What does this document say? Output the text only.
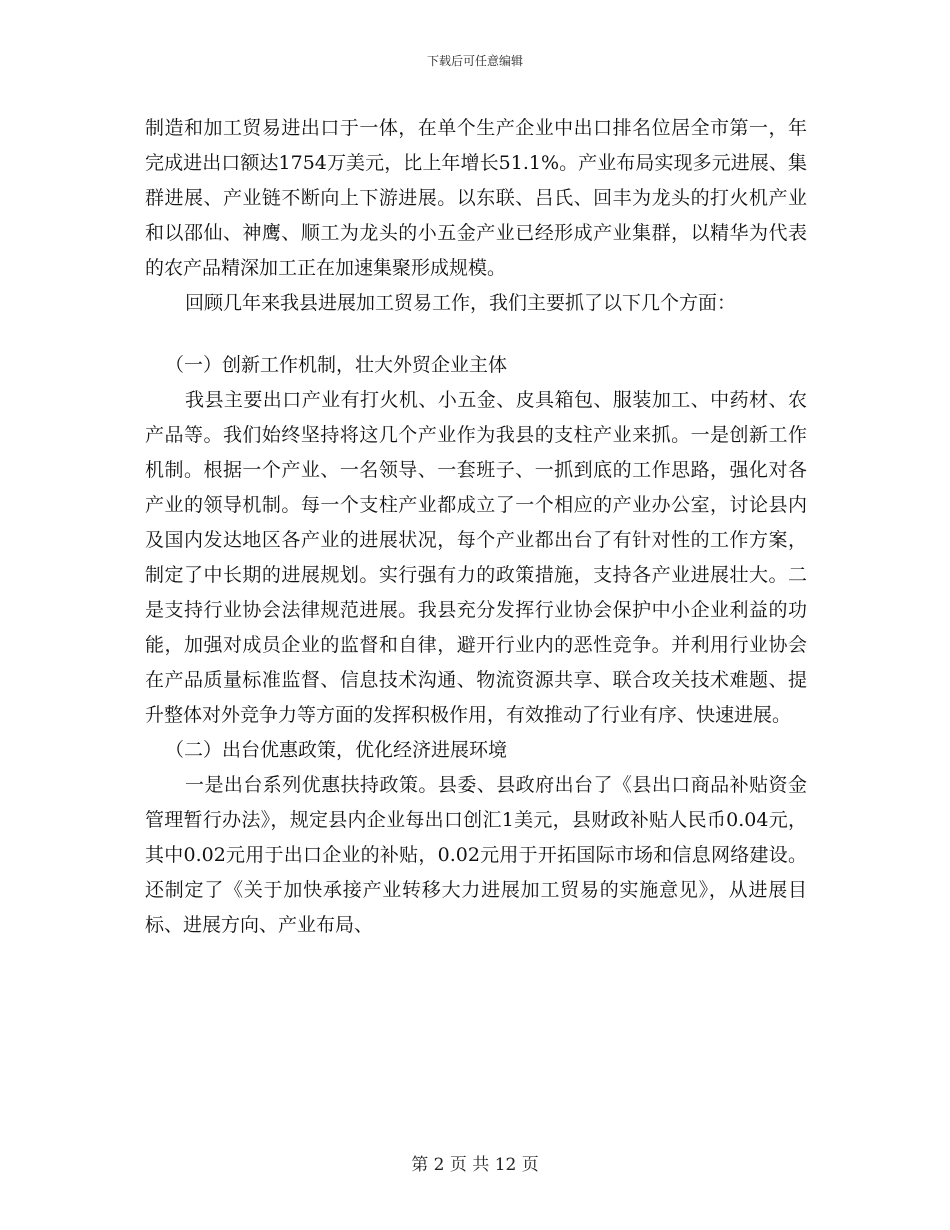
下载后可任意编辑

制造和加工贸易进出口于一体，在单个生产企业中出口排名位居全市第一，年完成进出口额达1754万美元，比上年增长51.1%。产业布局实现多元进展、集群进展、产业链不断向上下游进展。以东联、吕氏、回丰为龙头的打火机产业和以邵仙、神鹰、顺工为龙头的小五金产业已经形成产业集群，以精华为代表的农产品精深加工正在加速集聚形成规模。

回顾几年来我县进展加工贸易工作，我们主要抓了以下几个方面：

（一）创新工作机制，壮大外贸企业主体

我县主要出口产业有打火机、小五金、皮具箱包、服装加工、中药材、农产品等。我们始终坚持将这几个产业作为我县的支柱产业来抓。一是创新工作机制。根据一个产业、一名领导、一套班子、一抓到底的工作思路，强化对各产业的领导机制。每一个支柱产业都成立了一个相应的产业办公室，讨论县内及国内发达地区各产业的进展状况，每个产业都出台了有针对性的工作方案，制定了中长期的进展规划。实行强有力的政策措施，支持各产业进展壮大。二是支持行业协会法律规范进展。我县充分发挥行业协会保护中小企业利益的功能，加强对成员企业的监督和自律，避开行业内的恶性竞争。并利用行业协会在产品质量标准监督、信息技术沟通、物流资源共享、联合攻关技术难题、提升整体对外竞争力等方面的发挥积极作用，有效推动了行业有序、快速进展。

（二）出台优惠政策，优化经济进展环境

一是出台系列优惠扶持政策。县委、县政府出台了《县出口商品补贴资金管理暂行办法》，规定县内企业每出口创汇1美元，县财政补贴人民币0.04元，其中0.02元用于出口企业的补贴，0.02元用于开拓国际市场和信息网络建设。还制定了《关于加快承接产业转移大力进展加工贸易的实施意见》，从进展目标、进展方向、产业布局、

第 2 页 共 12 页
